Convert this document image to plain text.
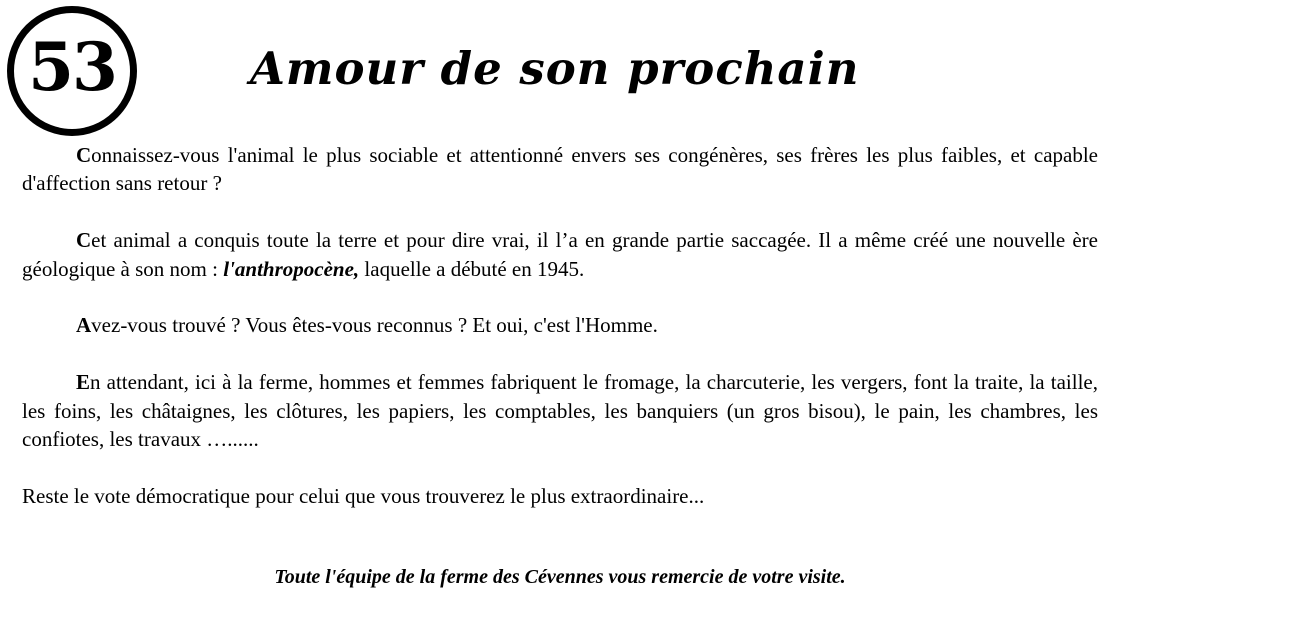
53	Amour de son prochain

Connaissez-vous l'animal le plus sociable et attentionné envers ses congénères, ses frères les plus faibles, et capable d'affection sans retour ?

Cet animal a conquis toute la terre et pour dire vrai, il l’a en grande partie saccagée. Il a même créé une nouvelle ère géologique à son nom : l'anthropocène, laquelle a débuté en 1945.

Avez-vous trouvé ? Vous êtes-vous reconnus ? Et oui, c'est l'Homme.

En attendant, ici à la ferme, hommes et femmes fabriquent le fromage, la charcuterie, les vergers, font la traite, la taille, les foins, les châtaignes, les clôtures, les papiers, les comptables, les banquiers (un gros bisou), le pain, les chambres, les confiotes, les travaux …......

Reste le vote démocratique pour celui que vous trouverez le plus extraordinaire...

Toute l'équipe de la ferme des Cévennes vous remercie de votre visite.
